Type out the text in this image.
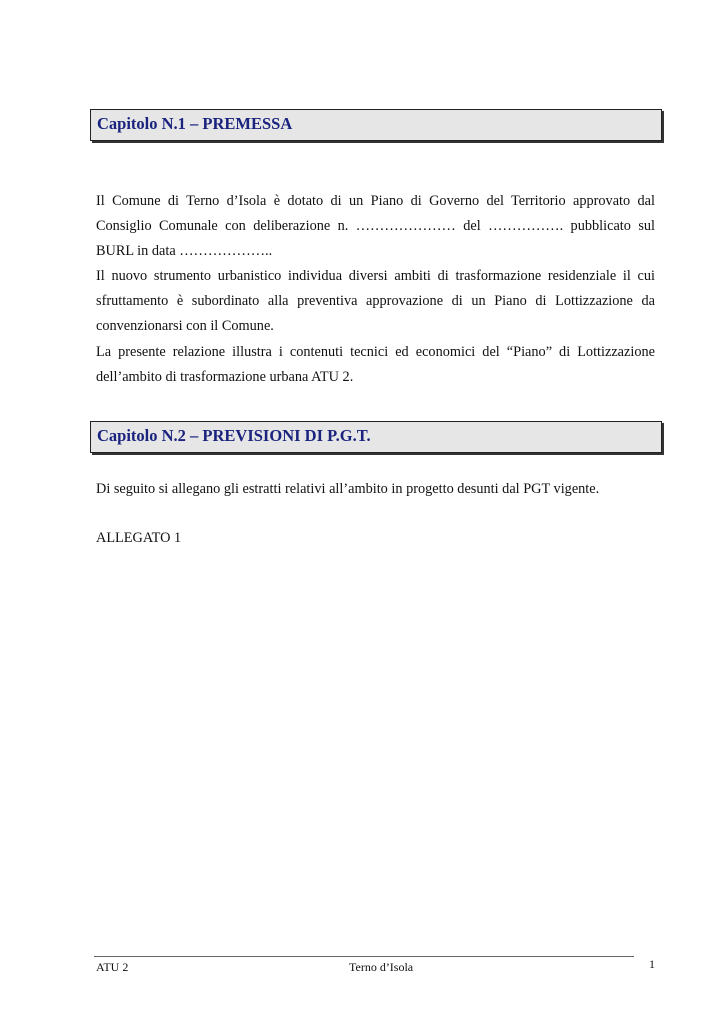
Capitolo N.1 – PREMESSA

Il Comune di Terno d’Isola è dotato di un Piano di Governo del Territorio approvato dal Consiglio Comunale con deliberazione n. ………………… del ……………. pubblicato sul BURL in data ………………..

Il nuovo strumento urbanistico individua diversi ambiti di trasformazione residenziale il cui sfruttamento è subordinato alla preventiva approvazione di un Piano di Lottizzazione da convenzionarsi con il Comune.

La presente relazione illustra i contenuti tecnici ed economici del “Piano” di Lottizzazione dell’ambito di trasformazione urbana ATU 2.

Capitolo N.2 – PREVISIONI DI P.G.T.

Di seguito si allegano gli estratti relativi all’ambito in progetto desunti dal PGT vigente.

ALLEGATO 1

ATU 2	Terno d’Isola	1
